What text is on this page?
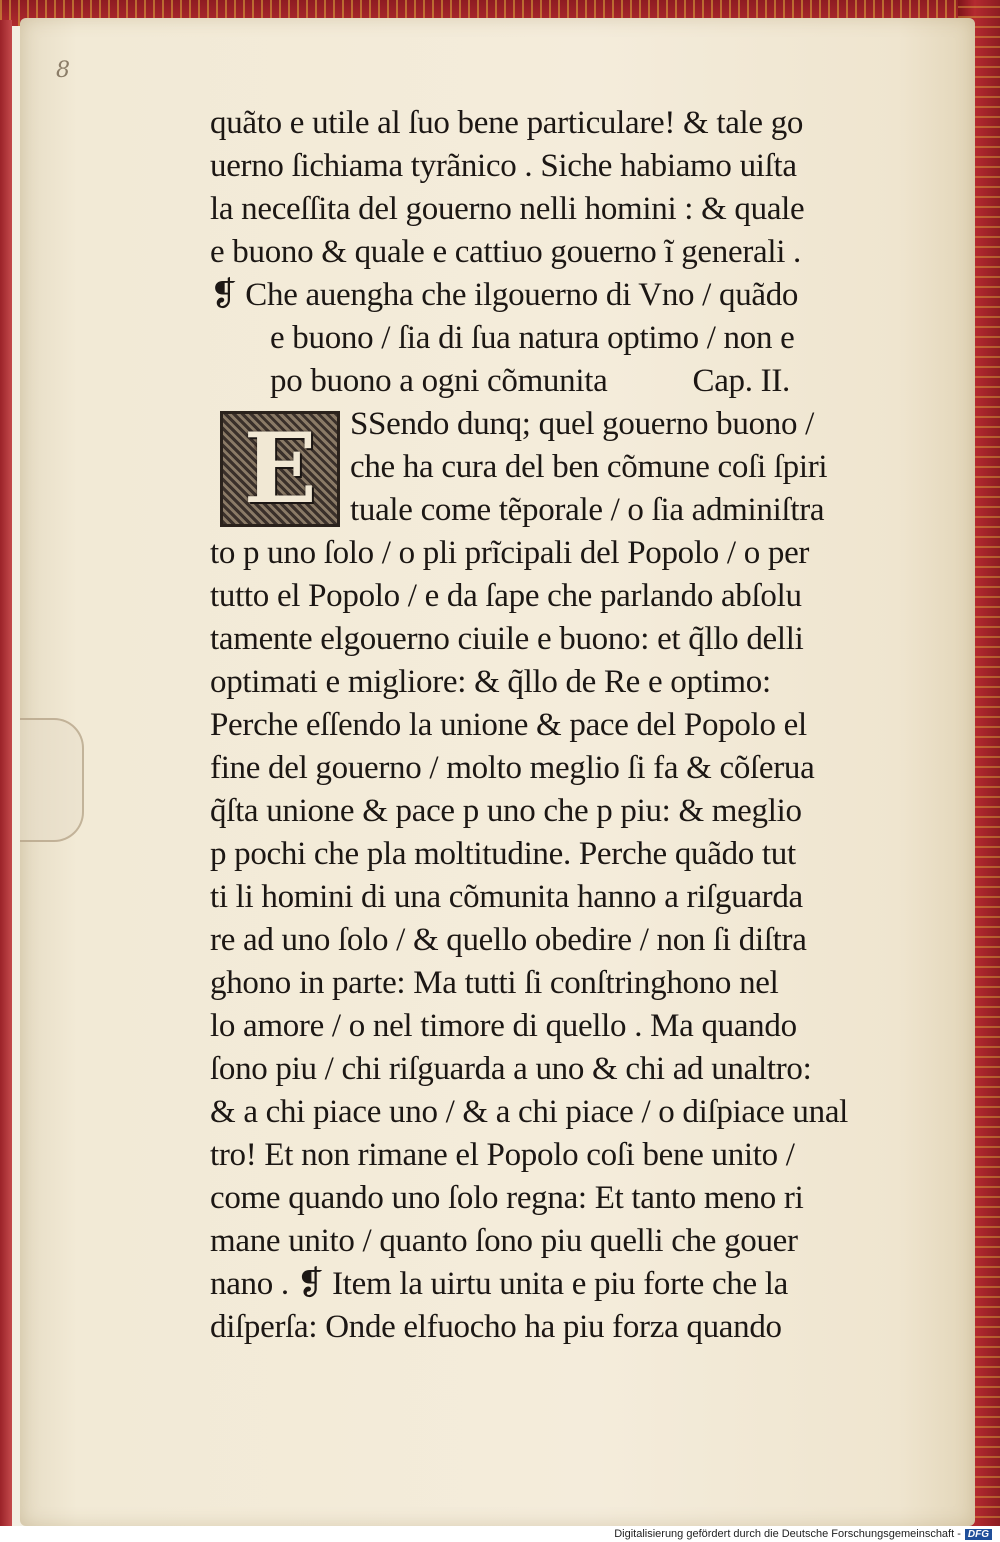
8
quãto e utile al ſuo bene particulare! & tale go
uerno ſichiama tyrãnico . Siche habiamo uiſta
la neceſſita del gouerno nelli homini : & quale
e buono & quale e cattiuo gouerno ĩ generali .
❡ Che auengha che ilgouerno di Vno / quãdo
e buono / ſia di ſua natura optimo / non e
po buono a ogni cõmunita	Cap. II.
E SSendo dunq; quel gouerno buono /
che ha cura del ben cõmune coſi ſpiri
tuale come tẽporale / o ſia adminiſtra
to p uno ſolo / o pli prĩcipali del Popolo / o per
tutto el Popolo / e da ſape che parlando abſolu
tamente elgouerno ciuile e buono: et q̃llo delli
optimati e migliore: & q̃llo de Re e optimo:
Perche eſſendo la unione & pace del Popolo el
fine del gouerno / molto meglio ſi fa & cõſerua
q̃ſta unione & pace p uno che p piu: & meglio
p pochi che pla moltitudine. Perche quãdo tut
ti li homini di una cõmunita hanno a riſguarda
re ad uno ſolo / & quello obedire / non ſi diſtra
ghono in parte: Ma tutti ſi conſtringhono nel
lo amore / o nel timore di quello . Ma quando
ſono piu / chi riſguarda a uno & chi ad unaltro:
& a chi piace uno / & a chi piace / o diſpiace unal
tro! Et non rimane el Popolo coſi bene unito /
come quando uno ſolo regna: Et tanto meno ri
mane unito / quanto ſono piu quelli che gouer
nano . ❡ Item la uirtu unita e piu forte che la
diſperſa: Onde elfuocho ha piu forza quando
Digitalisierung gefördert durch die Deutsche Forschungsgemeinschaft - DFG
